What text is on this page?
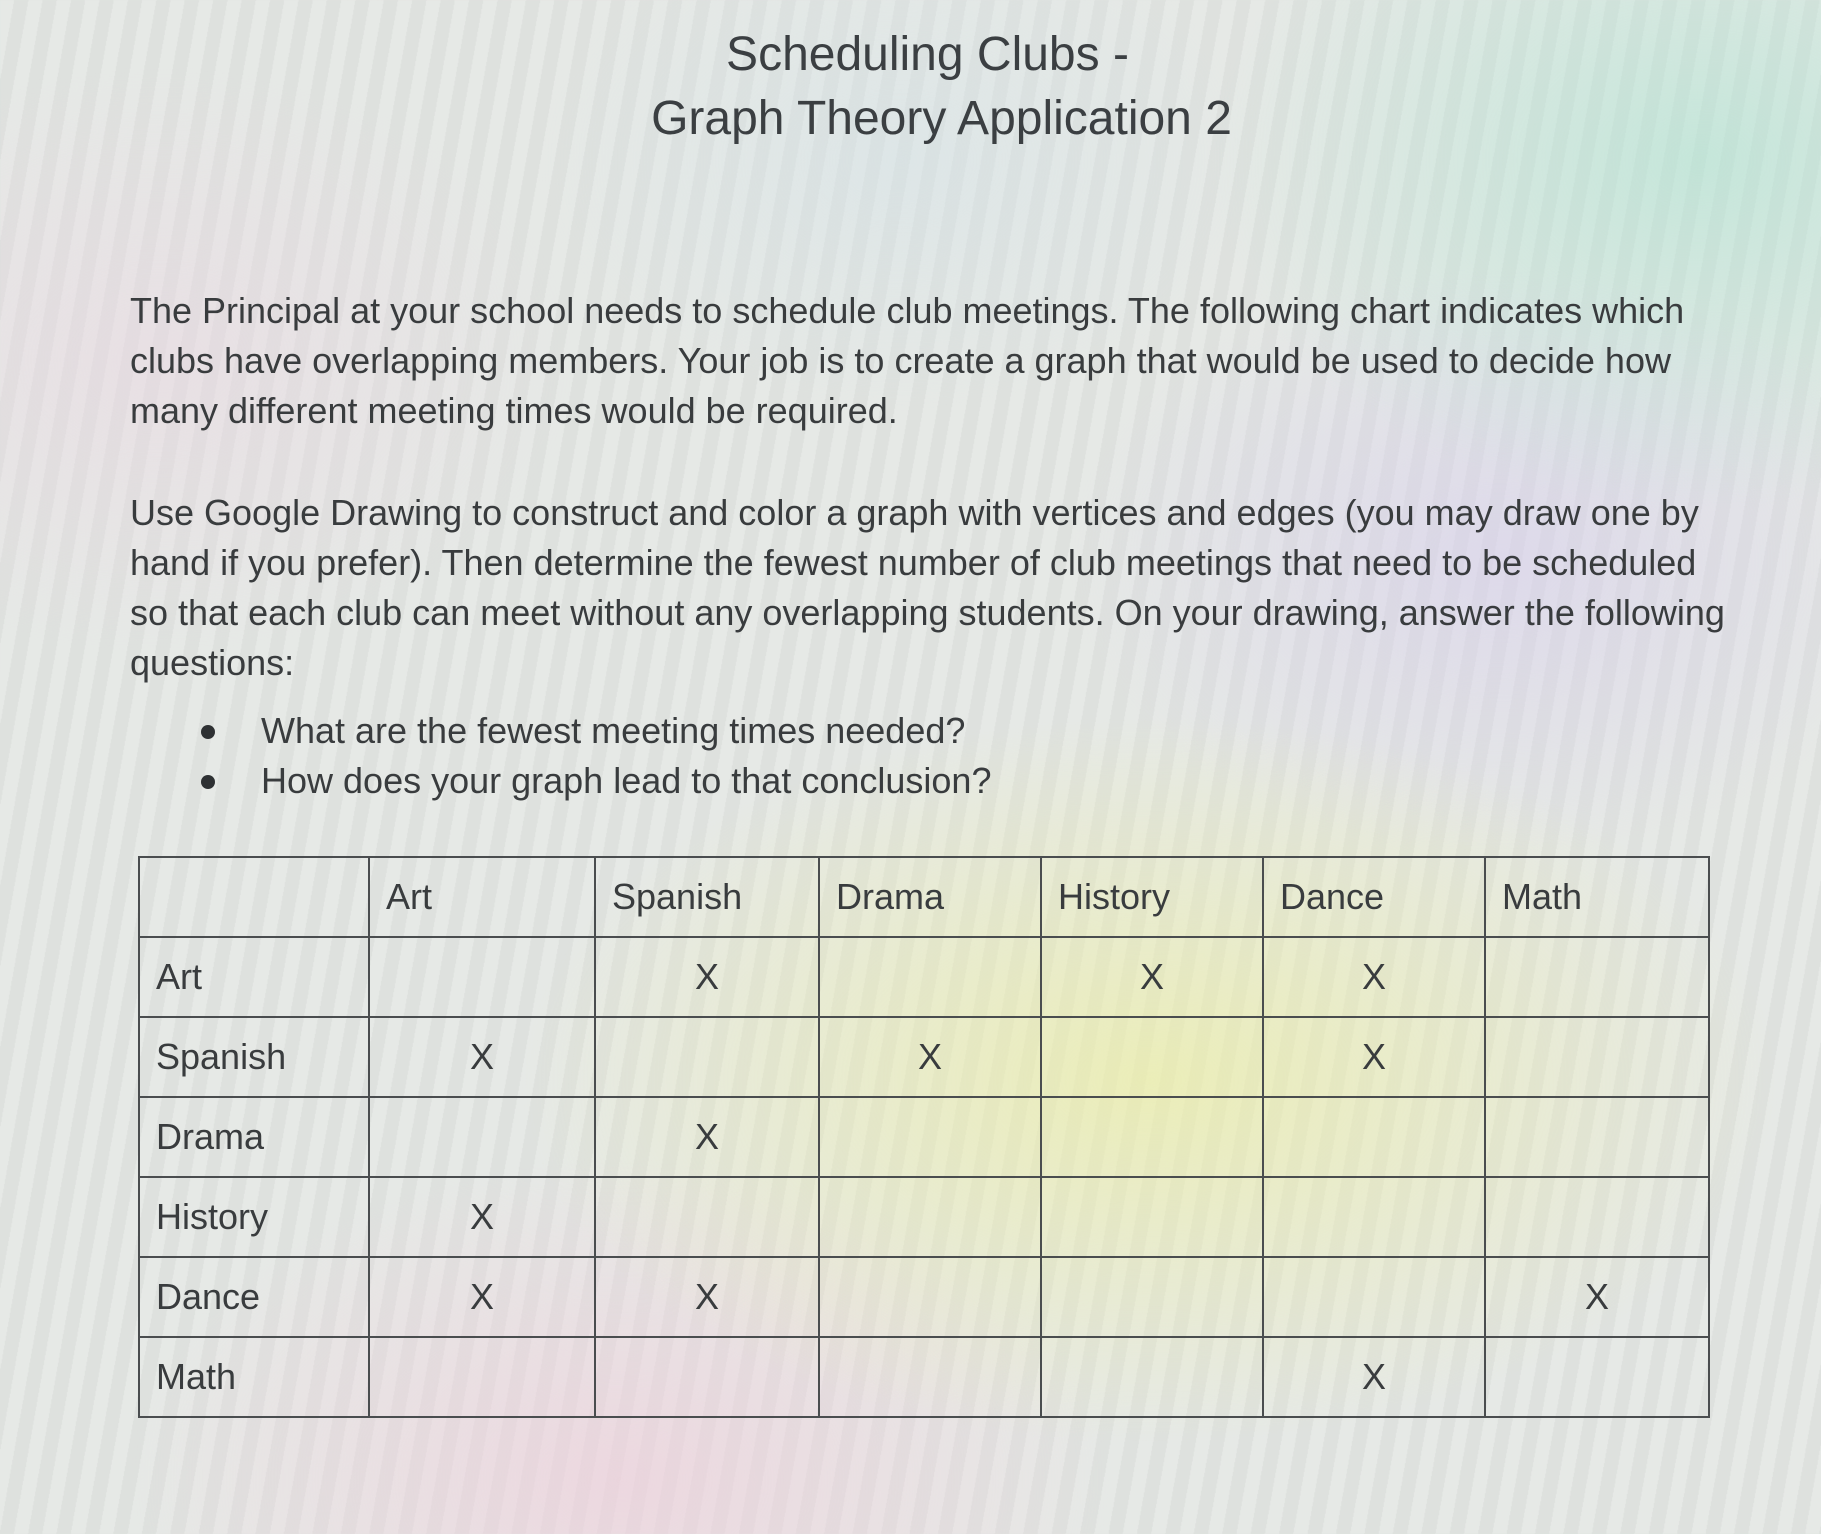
Scheduling Clubs -
Graph Theory Application 2

The Principal at your school needs to schedule club meetings. The following chart indicates which clubs have overlapping members. Your job is to create a graph that would be used to decide how many different meeting times would be required.

Use Google Drawing to construct and color a graph with vertices and edges (you may draw one by hand if you prefer). Then determine the fewest number of club meetings that need to be scheduled so that each club can meet without any overlapping students. On your drawing, answer the following questions:

What are the fewest meeting times needed?
How does your graph lead to that conclusion?
	Art	Spanish	Drama	History	Dance	Math
Art		X		X	X	
Spanish	X		X		X	
Drama		X				
History	X					
Dance	X	X				X
Math					X	
